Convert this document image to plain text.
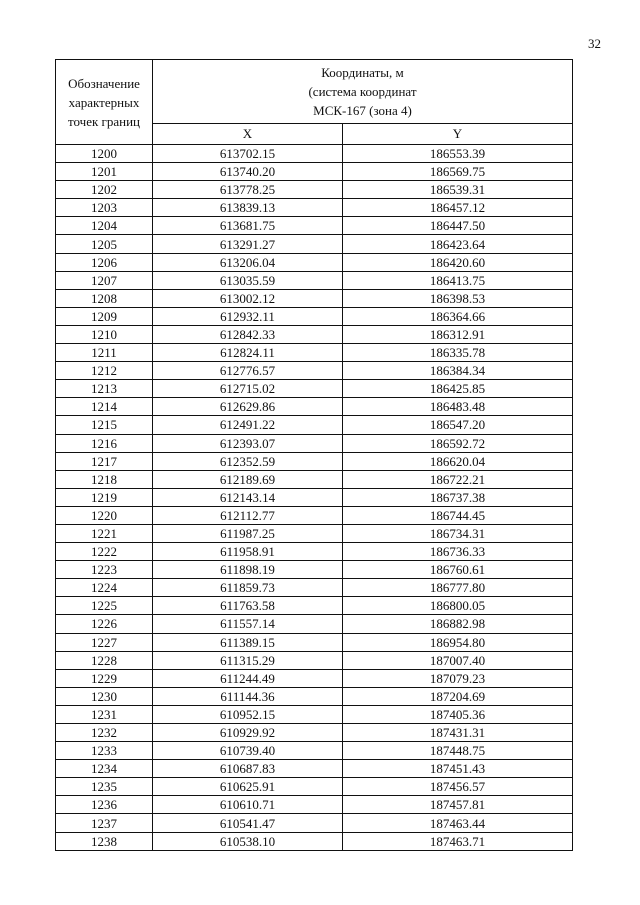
32
Обозначение
характерных
точек границ	Координаты, м
(система координат
МСК-167 (зона 4)	

	X	Y
1200	613702.15	186553.39
1201	613740.20	186569.75
1202	613778.25	186539.31
1203	613839.13	186457.12
1204	613681.75	186447.50
1205	613291.27	186423.64
1206	613206.04	186420.60
1207	613035.59	186413.75
1208	613002.12	186398.53
1209	612932.11	186364.66
1210	612842.33	186312.91
1211	612824.11	186335.78
1212	612776.57	186384.34
1213	612715.02	186425.85
1214	612629.86	186483.48
1215	612491.22	186547.20
1216	612393.07	186592.72
1217	612352.59	186620.04
1218	612189.69	186722.21
1219	612143.14	186737.38
1220	612112.77	186744.45
1221	611987.25	186734.31
1222	611958.91	186736.33
1223	611898.19	186760.61
1224	611859.73	186777.80
1225	611763.58	186800.05
1226	611557.14	186882.98
1227	611389.15	186954.80
1228	611315.29	187007.40
1229	611244.49	187079.23
1230	611144.36	187204.69
1231	610952.15	187405.36
1232	610929.92	187431.31
1233	610739.40	187448.75
1234	610687.83	187451.43
1235	610625.91	187456.57
1236	610610.71	187457.81
1237	610541.47	187463.44
1238	610538.10	187463.71
